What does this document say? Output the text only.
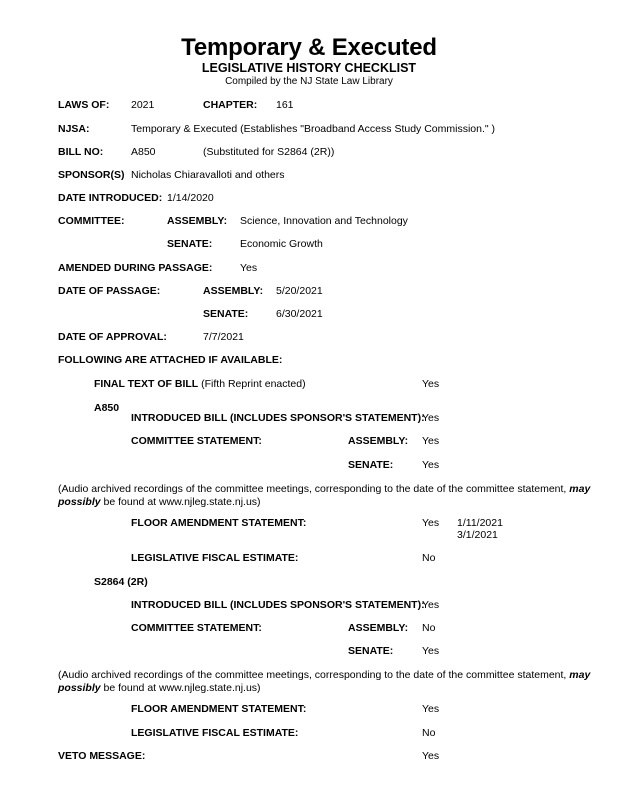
Temporary & Executed
LEGISLATIVE HISTORY CHECKLIST
Compiled by the NJ State Law Library
LAWS OF: 2021	CHAPTER: 161
NJSA:	Temporary & Executed (Establishes "Broadband Access Study Commission." )
BILL NO:	A850	(Substituted for S2864 (2R))
SPONSOR(S) Nicholas Chiaravalloti and others
DATE INTRODUCED: 1/14/2020
COMMITTEE:	ASSEMBLY: Science, Innovation and Technology
SENATE:	Economic Growth
AMENDED DURING PASSAGE:	Yes
DATE OF PASSAGE:	ASSEMBLY: 5/20/2021
SENATE:	6/30/2021
DATE OF APPROVAL:	7/7/2021
FOLLOWING ARE ATTACHED IF AVAILABLE:
FINAL TEXT OF BILL (Fifth Reprint enacted)	Yes
A850
INTRODUCED BILL (INCLUDES SPONSOR'S STATEMENT):
Yes
COMMITTEE STATEMENT:	ASSEMBLY: Yes
SENATE:	Yes
(Audio archived recordings of the committee meetings, corresponding to the date of the committee statement, may possibly be found at www.njleg.state.nj.us)
FLOOR AMENDMENT STATEMENT:	Yes 1/11/2021
3/1/2021
LEGISLATIVE FISCAL ESTIMATE:	No
S2864 (2R)
INTRODUCED BILL (INCLUDES SPONSOR'S STATEMENT):
Yes
COMMITTEE STATEMENT:	ASSEMBLY: No
SENATE:	Yes
(Audio archived recordings of the committee meetings, corresponding to the date of the committee statement, may possibly be found at www.njleg.state.nj.us)
FLOOR AMENDMENT STATEMENT:	Yes
LEGISLATIVE FISCAL ESTIMATE:	No
VETO MESSAGE:	Yes
